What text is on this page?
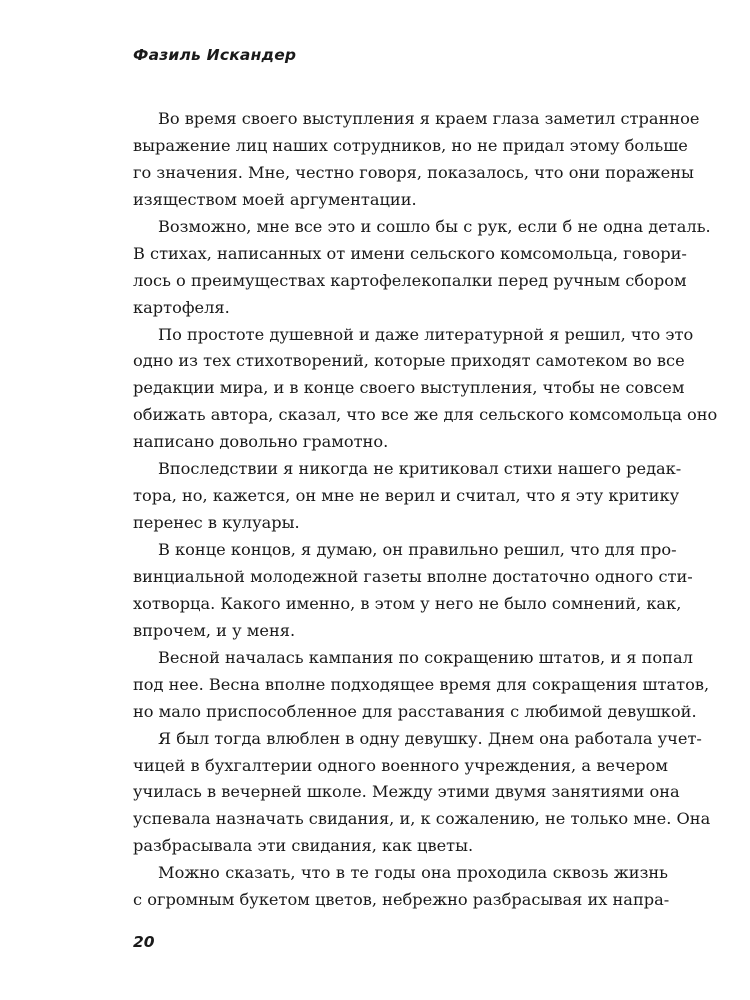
Фазиль Искандер
Во время своего выступления я краем глаза заметил странное
выражение лиц наших сотрудников, но не придал этому больше
го значения. Мне, честно говоря, показалось, что они поражены
изяществом моей аргументации.
Возможно, мне все это и сошло бы с рук, если б не одна деталь.
В стихах, написанных от имени сельского комсомольца, говори-
лось о преимуществах картофелекопалки перед ручным сбором
картофеля.
По простоте душевной и даже литературной я решил, что это
одно из тех стихотворений, которые приходят самотеком во все
редакции мира, и в конце своего выступления, чтобы не совсем
обижать автора, сказал, что все же для сельского комсомольца оно
написано довольно грамотно.
Впоследствии я никогда не критиковал стихи нашего редак-
тора, но, кажется, он мне не верил и считал, что я эту критику
перенес в кулуары.
В конце концов, я думаю, он правильно решил, что для про-
винциальной молодежной газеты вполне достаточно одного сти-
хотворца. Какого именно, в этом у него не было сомнений, как,
впрочем, и у меня.
Весной началась кампания по сокращению штатов, и я попал
под нее. Весна вполне подходящее время для сокращения штатов,
но мало приспособленное для расставания с любимой девушкой.
Я был тогда влюблен в одну девушку. Днем она работала учет-
чицей в бухгалтерии одного военного учреждения, а вечером
училась в вечерней школе. Между этими двумя занятиями она
успевала назначать свидания, и, к сожалению, не только мне. Она
разбрасывала эти свидания, как цветы.
Можно сказать, что в те годы она проходила сквозь жизнь
с огромным букетом цветов, небрежно разбрасывая их напра-
20
